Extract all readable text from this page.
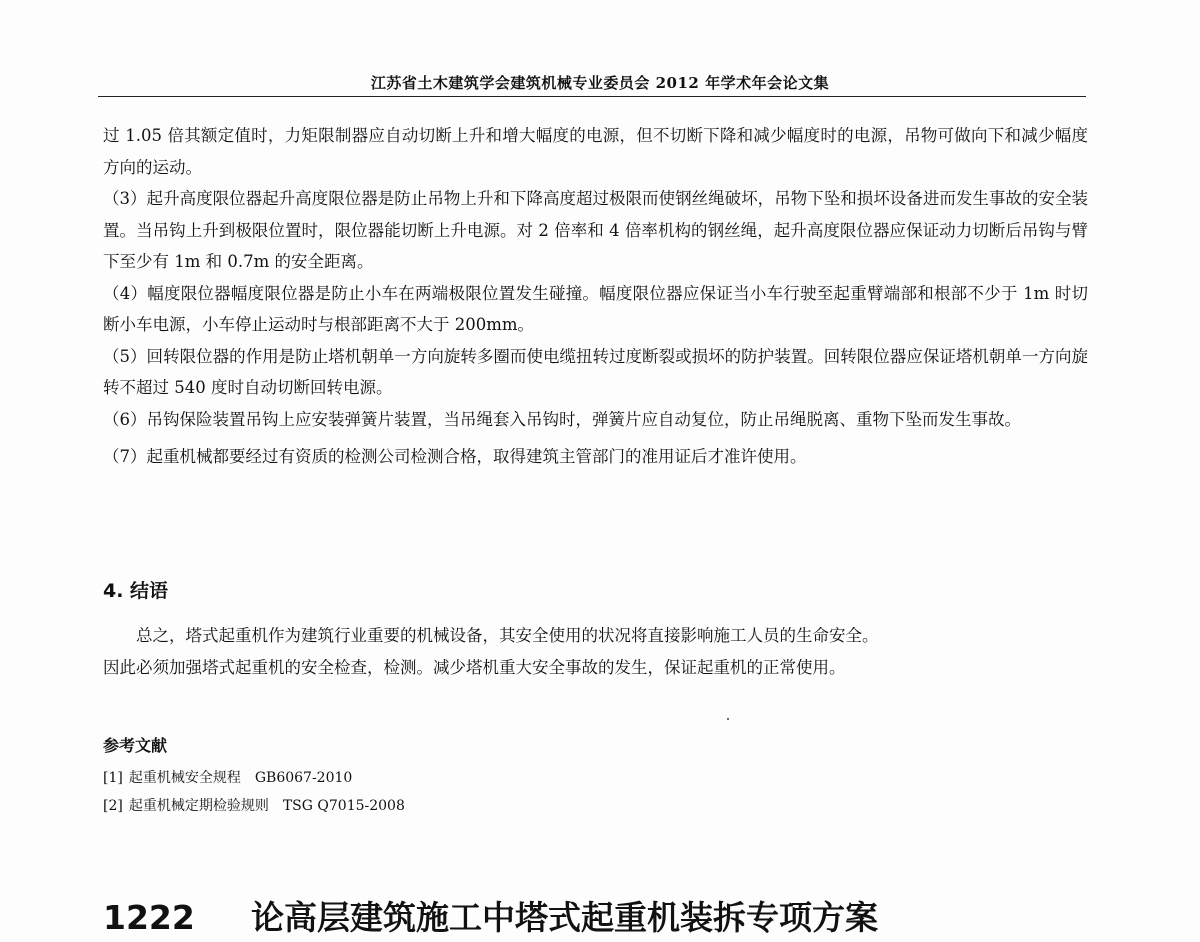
江苏省土木建筑学会建筑机械专业委员会 2012 年学术年会论文集

过 1.05 倍其额定值时，力矩限制器应自动切断上升和增大幅度的电源，但不切断下降和减少幅度时的电源，吊物可做向下和减少幅度方向的运动。

（3）起升高度限位器起升高度限位器是防止吊物上升和下降高度超过极限而使钢丝绳破坏，吊物下坠和损坏设备进而发生事故的安全装置。当吊钩上升到极限位置时，限位器能切断上升电源。对 2 倍率和 4 倍率机构的钢丝绳，起升高度限位器应保证动力切断后吊钩与臂下至少有 1m 和 0.7m 的安全距离。

（4）幅度限位器幅度限位器是防止小车在两端极限位置发生碰撞。幅度限位器应保证当小车行驶至起重臂端部和根部不少于 1m 时切断小车电源，小车停止运动时与根部距离不大于 200mm。

（5）回转限位器的作用是防止塔机朝单一方向旋转多圈而使电缆扭转过度断裂或损坏的防护装置。回转限位器应保证塔机朝单一方向旋转不超过 540 度时自动切断回转电源。

（6）吊钩保险装置吊钩上应安装弹簧片装置，当吊绳套入吊钩时，弹簧片应自动复位，防止吊绳脱离、重物下坠而发生事故。

（7）起重机械都要经过有资质的检测公司检测合格，取得建筑主管部门的准用证后才准许使用。

4. 结语

总之，塔式起重机作为建筑行业重要的机械设备，其安全使用的状况将直接影响施工人员的生命安全。

因此必须加强塔式起重机的安全检查，检测。减少塔机重大安全事故的发生，保证起重机的正常使用。

参考文献
[1] 起重机械安全规程 GB6067-2010
[2] 起重机械定期检验规则 TSG Q7015-2008
1222 论高层建筑施工中塔式起重机装拆专项方案
